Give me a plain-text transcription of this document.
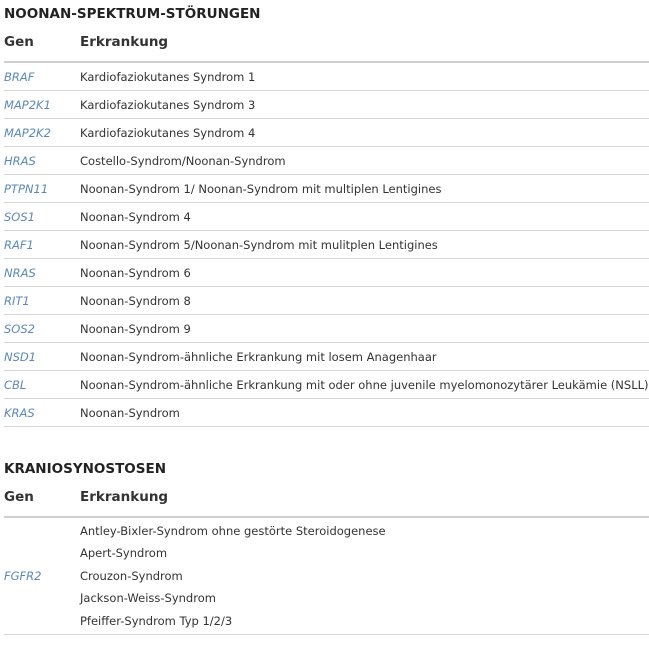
NOONAN-SPEKTRUM-STÖRUNGEN
Gen	Erkrankung
BRAF	Kardiofaziokutanes Syndrom 1
MAP2K1	Kardiofaziokutanes Syndrom 3
MAP2K2	Kardiofaziokutanes Syndrom 4
HRAS	Costello-Syndrom/Noonan-Syndrom
PTPN11	Noonan-Syndrom 1/ Noonan-Syndrom mit multiplen Lentigines
SOS1	Noonan-Syndrom 4
RAF1	Noonan-Syndrom 5/Noonan-Syndrom mit mulitplen Lentigines
NRAS	Noonan-Syndrom 6
RIT1	Noonan-Syndrom 8
SOS2	Noonan-Syndrom 9
NSD1	Noonan-Syndrom-ähnliche Erkrankung mit losem Anagenhaar
CBL	Noonan-Syndrom-ähnliche Erkrankung mit oder ohne juvenile myelomonozytärer Leukämie (NSLL)
KRAS	Noonan-Syndrom
KRANIOSYNOSTOSEN
Gen	Erkrankung
FGFR2	Antley-Bixler-Syndrom ohne gestörte Steroidogenese
Apert-Syndrom
Crouzon-Syndrom
Jackson-Weiss-Syndrom
Pfeiffer-Syndrom Typ 1/2/3
